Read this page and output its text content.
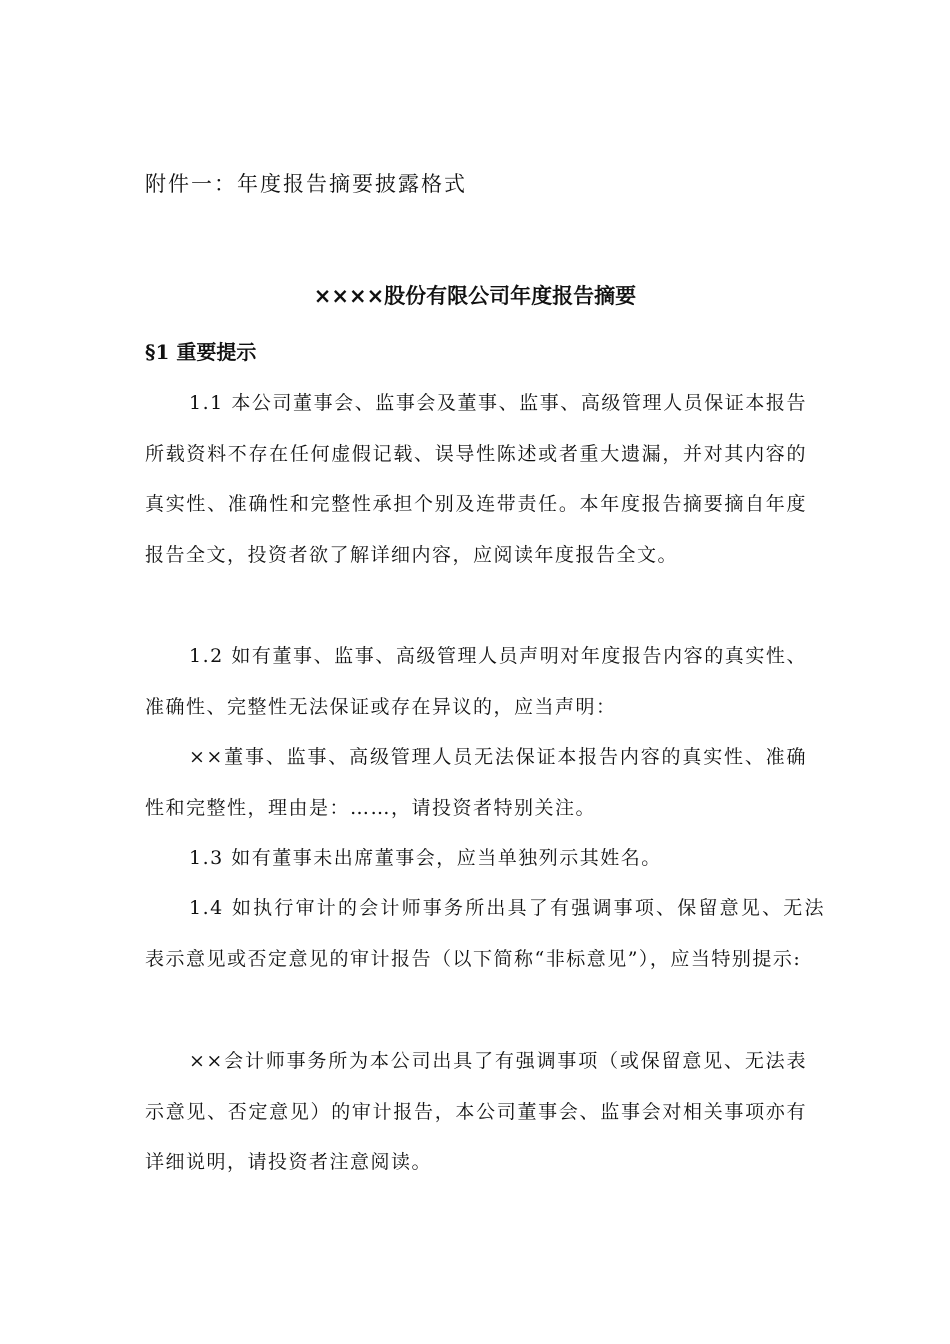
附件一：年度报告摘要披露格式
××××股份有限公司年度报告摘要
§1 重要提示

1.1 本公司董事会、监事会及董事、监事、高级管理人员保证本报告所载资料不存在任何虚假记载、误导性陈述或者重大遗漏，并对其内容的真实性、准确性和完整性承担个别及连带责任。本年度报告摘要摘自年度报告全文，投资者欲了解详细内容，应阅读年度报告全文。

1.2 如有董事、监事、高级管理人员声明对年度报告内容的真实性、准确性、完整性无法保证或存在异议的，应当声明：

××董事、监事、高级管理人员无法保证本报告内容的真实性、准确性和完整性，理由是：……，请投资者特别关注。

1.3 如有董事未出席董事会，应当单独列示其姓名。

1.4 如执行审计的会计师事务所出具了有强调事项、保留意见、无法表示意见或否定意见的审计报告（以下简称“非标意见”），应当特别提示:

××会计师事务所为本公司出具了有强调事项（或保留意见、无法表示意见、否定意见）的审计报告，本公司董事会、监事会对相关事项亦有详细说明，请投资者注意阅读。
